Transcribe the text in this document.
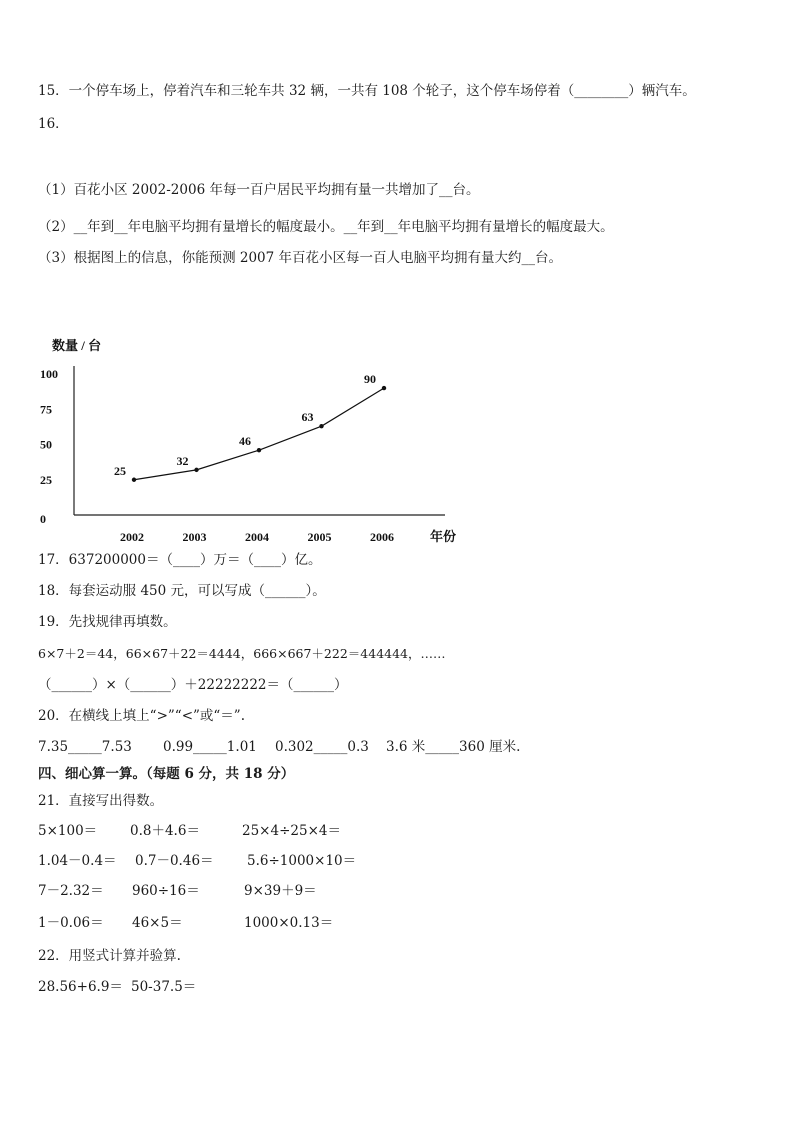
15．一个停车场上，停着汽车和三轮车共 32 辆，一共有 108 个轮子，这个停车场停着（________）辆汽车。
16．
（1）百花小区 2002-2006 年每一百户居民平均拥有量一共增加了__台。
（2）__年到__年电脑平均拥有量增长的幅度最小。__年到__年电脑平均拥有量增长的幅度最大。
（3）根据图上的信息，你能预测 2007 年百花小区每一百人电脑平均拥有量大约__台。
数量 / 台
年份
0
25
50
75
100
2002	2003	2004	2005	2006
25
32
46
63
90
17．637200000＝（____）万＝（____）亿。
18．每套运动服 450 元，可以写成（______）。
19．先找规律再填数。
6×7＋2＝44，66×67＋22＝4444，666×667＋222＝444444，……
（______）×（______）＋22222222＝（______）
20．在横线上填上“>”“<”或“＝”.
7.35_____7.53 0.99_____1.01 0.302_____0.3 3.6 米_____360 厘米.
四、细心算一算。（每题 6 分，共 18 分）
21．直接写出得数。
5×100＝ 0.8＋4.6＝	25×4÷25×4＝
1.04－0.4＝ 0.7－0.46＝ 5.6÷1000×10＝
7－2.32＝ 960÷16＝	9×39＋9＝
1－0.06＝ 46×5＝	1000×0.13＝
22．用竖式计算并验算.
28.56+6.9＝ 50-37.5＝
